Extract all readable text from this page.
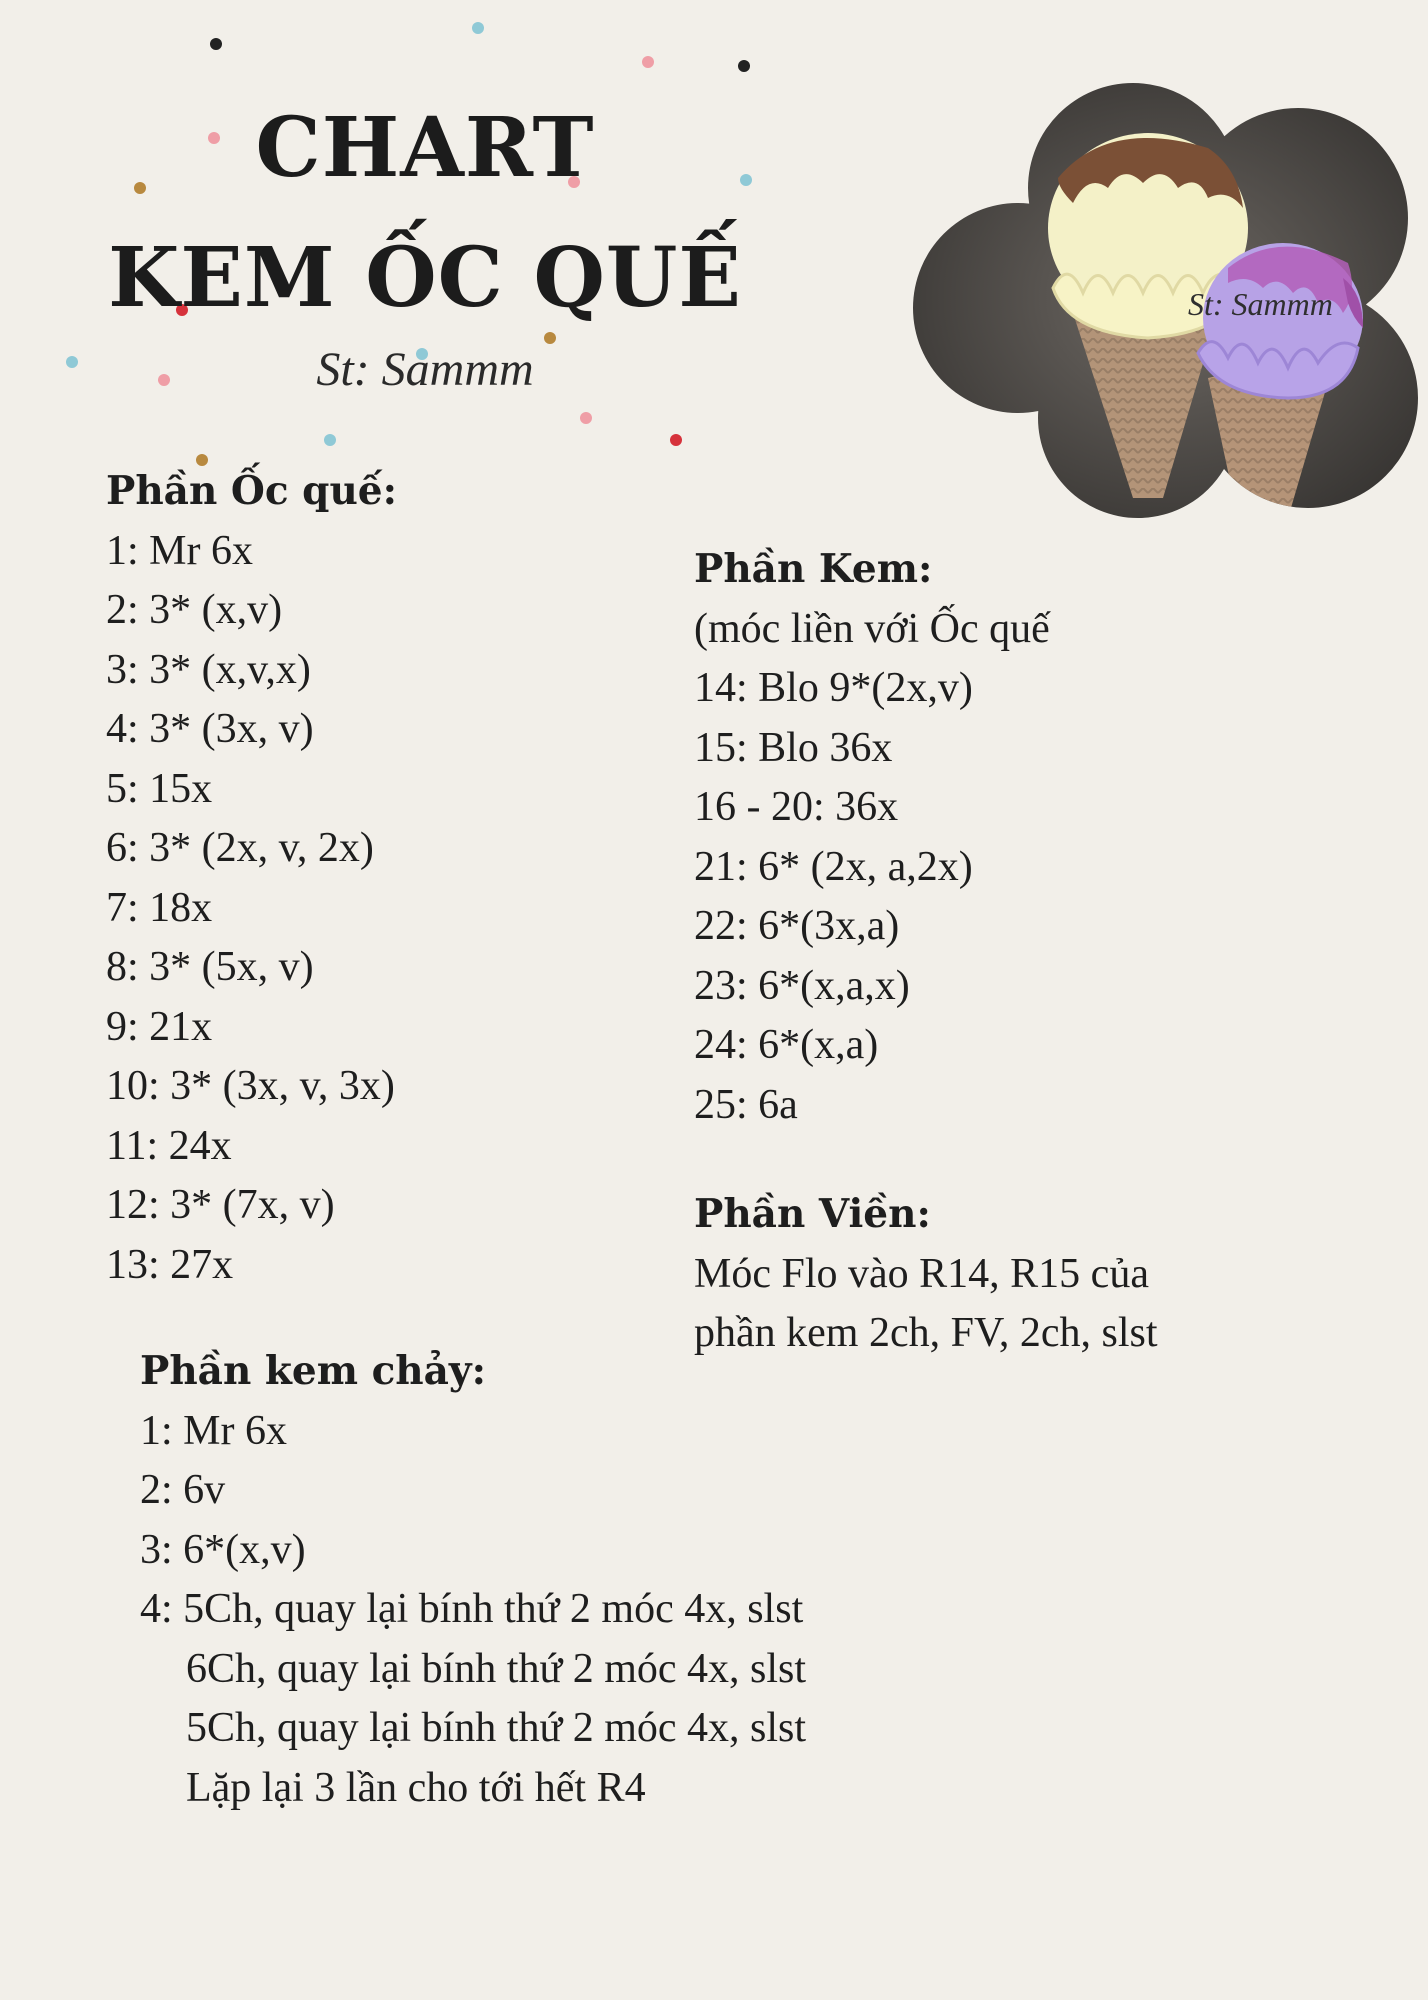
CHART
KEM ỐC QUẾ
St: Sammm
St: Sammm
Phần Ốc quế:
1: Mr 6x
2: 3* (x,v)
3: 3* (x,v,x)
4: 3* (3x, v)
5: 15x
6: 3* (2x, v, 2x)
7: 18x
8: 3* (5x, v)
9: 21x
10: 3* (3x, v, 3x)
11: 24x
12: 3* (7x, v)
13: 27x
Phần Kem:
(móc liền với Ốc quế
14: Blo 9*(2x,v)
15: Blo 36x
16 - 20: 36x
21: 6* (2x, a,2x)
22: 6*(3x,a)
23: 6*(x,a,x)
24: 6*(x,a)
25: 6a
Phần Viền:
Móc Flo vào R14, R15 của
phần kem 2ch, FV, 2ch, slst
Phần kem chảy:
1: Mr 6x
2: 6v
3: 6*(x,v)
4: 5Ch, quay lại bính thứ 2 móc 4x, slst
6Ch, quay lại bính thứ 2 móc 4x, slst
5Ch, quay lại bính thứ 2 móc 4x, slst
Lặp lại 3 lần cho tới hết R4
